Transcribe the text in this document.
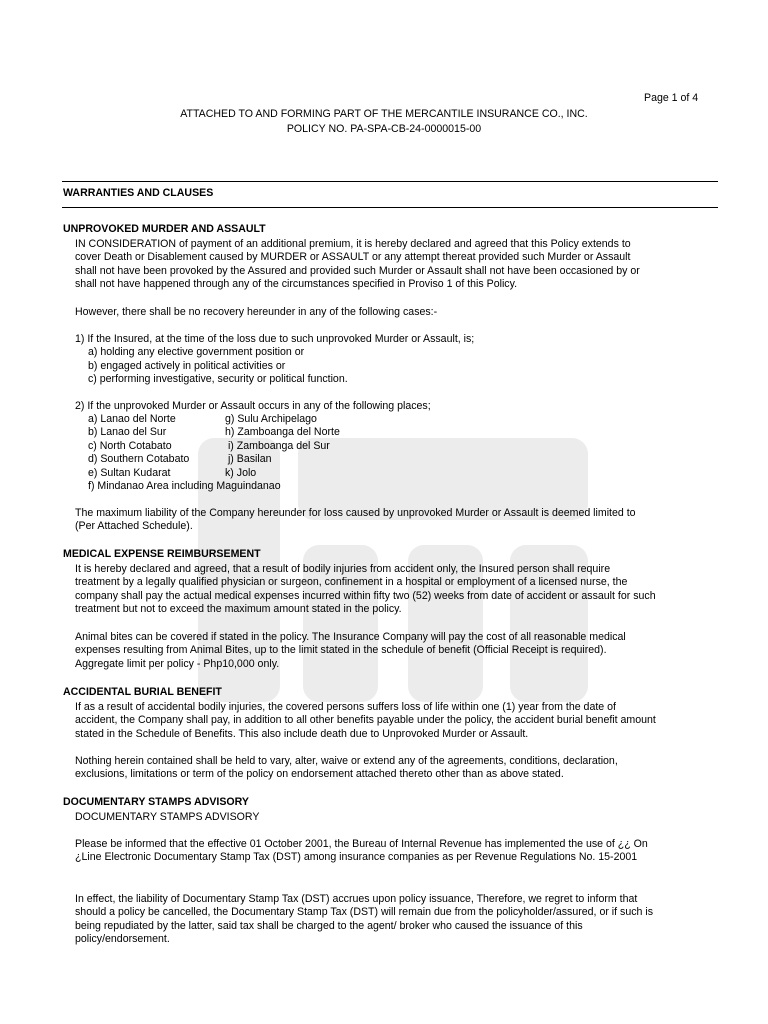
Page 1 of 4
ATTACHED TO AND FORMING PART OF THE MERCANTILE INSURANCE CO., INC.
POLICY NO. PA-SPA-CB-24-0000015-00
WARRANTIES AND CLAUSES
UNPROVOKED MURDER AND ASSAULT
IN CONSIDERATION of payment of an additional premium, it is hereby declared and agreed that this Policy extends to
cover Death or Disablement caused by MURDER or ASSAULT or any attempt thereat provided such Murder or Assault
shall not have been provoked by the Assured and provided such Murder or Assault shall not have been occasioned by or
shall not have happened through any of the circumstances specified in Proviso 1 of this Policy.
However, there shall be no recovery hereunder in any of the following cases:-
1) If the Insured, at the time of the loss due to such unprovoked Murder or Assault, is;
a) holding any elective government position or
b) engaged actively in political activities or
c) performing investigative, security or political function.
2) If the unprovoked Murder or Assault occurs in any of the following places;
a) Lanao del Norte
b) Lanao del Sur
c) North Cotabato
d) Southern Cotabato
e) Sultan Kudarat
f) Mindanao Area including Maguindanao
g) Sulu Archipelago
h) Zamboanga del Norte
i) Zamboanga del Sur
j) Basilan
k) Jolo
The maximum liability of the Company hereunder for loss caused by unprovoked Murder or Assault is deemed limited to
(Per Attached Schedule).
MEDICAL EXPENSE REIMBURSEMENT
It is hereby declared and agreed, that a result of bodily injuries from accident only, the Insured person shall require
treatment by a legally qualified physician or surgeon, confinement in a hospital or employment of a licensed nurse, the
company shall pay the actual medical expenses incurred within fifty two (52) weeks from date of accident or assault for such
treatment but not to exceed the maximum amount stated in the policy.
Animal bites can be covered if stated in the policy. The Insurance Company will pay the cost of all reasonable medical
expenses resulting from Animal Bites, up to the limit stated in the schedule of benefit (Official Receipt is required).
Aggregate limit per policy - Php10,000 only.
ACCIDENTAL BURIAL BENEFIT
If as a result of accidental bodily injuries, the covered persons suffers loss of life within one (1) year from the date of
accident, the Company shall pay, in addition to all other benefits payable under the policy, the accident burial benefit amount
stated in the Schedule of Benefits. This also include death due to Unprovoked Murder or Assault.
Nothing herein contained shall be held to vary, alter, waive or extend any of the agreements, conditions, declaration,
exclusions, limitations or term of the policy on endorsement attached thereto other than as above stated.
DOCUMENTARY STAMPS ADVISORY
DOCUMENTARY STAMPS ADVISORY
Please be informed that the effective 01 October 2001, the Bureau of Internal Revenue has implemented the use of ¿¿ On
¿Line Electronic Documentary Stamp Tax (DST) among insurance companies as per Revenue Regulations No. 15-2001
In effect, the liability of Documentary Stamp Tax (DST) accrues upon policy issuance, Therefore, we regret to inform that
should a policy be cancelled, the Documentary Stamp Tax (DST) will remain due from the policyholder/assured, or if such is
being repudiated by the latter, said tax shall be charged to the agent/ broker who caused the issuance of this
policy/endorsement.
